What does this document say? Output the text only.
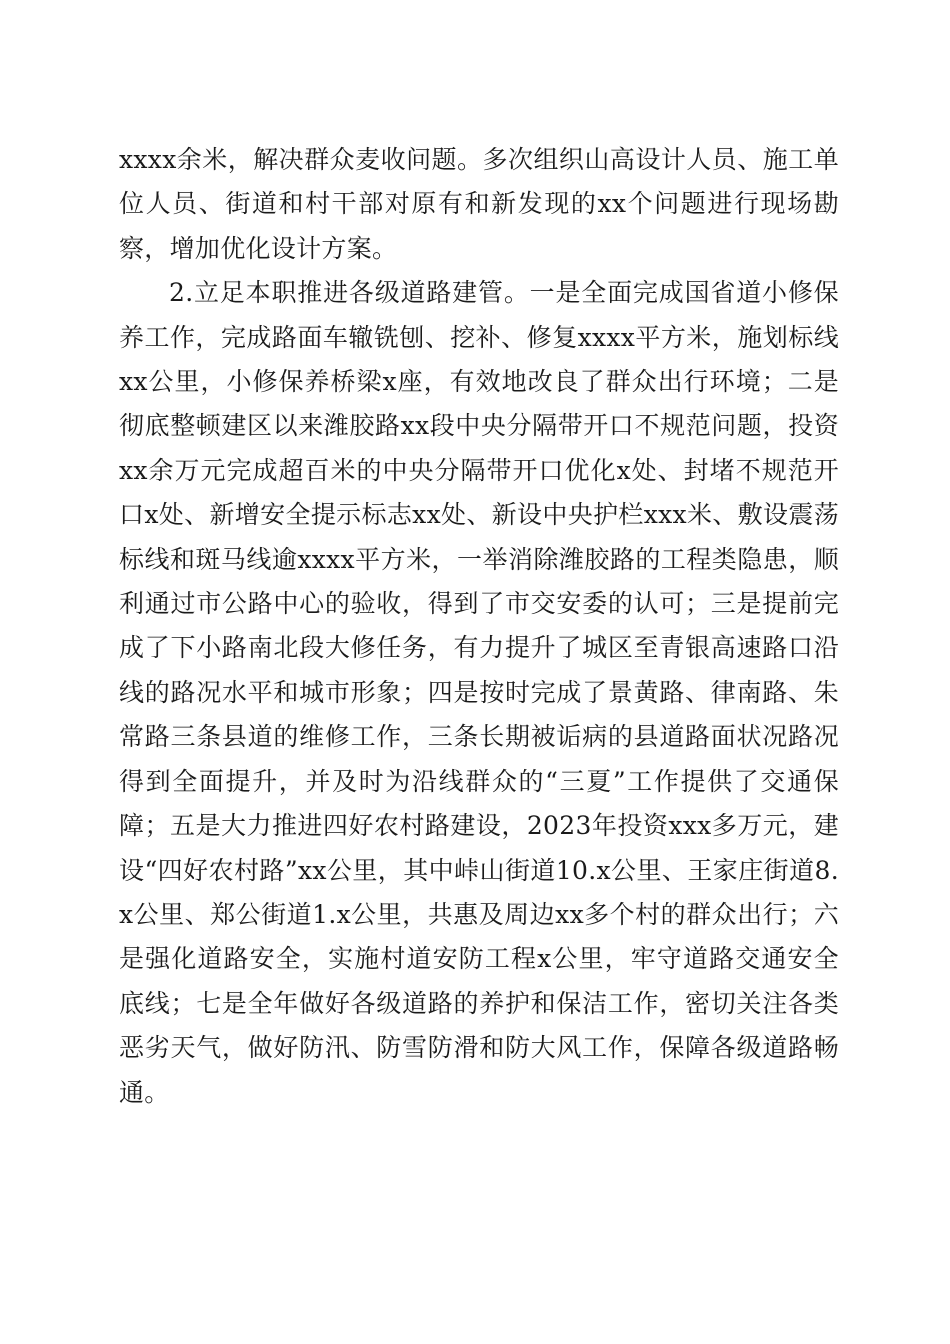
xxxx余米，解决群众麦收问题。多次组织山高设计人员、施工单位人员、街道和村干部对原有和新发现的xx个问题进行现场勘察，增加优化设计方案。

2.立足本职推进各级道路建管。一是全面完成国省道小修保养工作，完成路面车辙铣刨、挖补、修复xxxx平方米，施划标线xx公里，小修保养桥梁x座，有效地改良了群众出行环境；二是彻底整顿建区以来潍胶路xx段中央分隔带开口不规范问题，投资xx余万元完成超百米的中央分隔带开口优化x处、封堵不规范开口x处、新增安全提示标志xx处、新设中央护栏xxx米、敷设震荡标线和斑马线逾xxxx平方米，一举消除潍胶路的工程类隐患，顺利通过市公路中心的验收，得到了市交安委的认可；三是提前完成了下小路南北段大修任务，有力提升了城区至青银高速路口沿线的路况水平和城市形象；四是按时完成了景黄路、律南路、朱常路三条县道的维修工作，三条长期被诟病的县道路面状况路况得到全面提升，并及时为沿线群众的“三夏”工作提供了交通保障；五是大力推进四好农村路建设，2023年投资xxx多万元，建设“四好农村路”xx公里，其中峠山街道10.x公里、王家庄街道8.x公里、郑公街道1.x公里，共惠及周边xx多个村的群众出行；六是强化道路安全，实施村道安防工程x公里，牢守道路交通安全底线；七是全年做好各级道路的养护和保洁工作，密切关注各类恶劣天气，做好防汛、防雪防滑和防大风工作，保障各级道路畅通。
